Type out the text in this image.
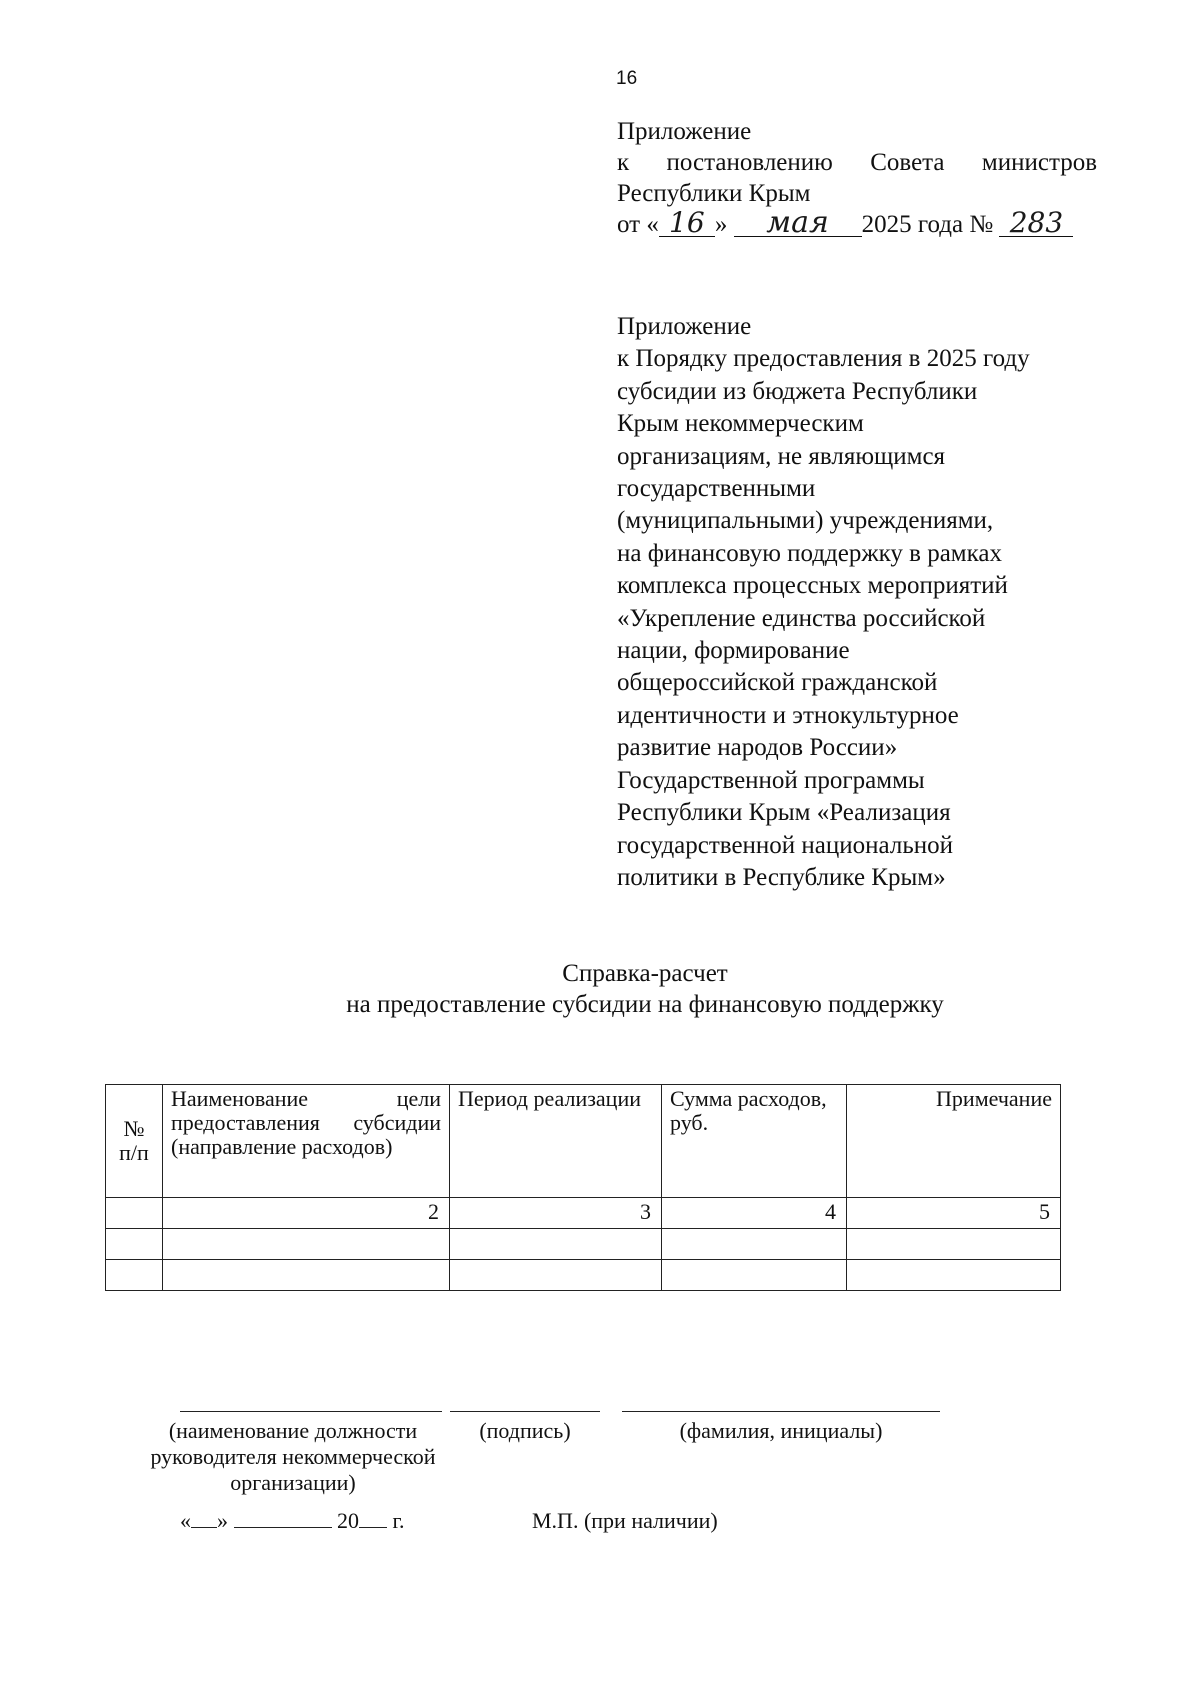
16
Приложение
к постановлению Совета министров
Республики Крым
от « 16 » мая 2025 года № 283
Приложение
к Порядку предоставления в 2025 году
субсидии из бюджета Республики
Крым некоммерческим
организациям, не являющимся
государственными
(муниципальными) учреждениями,
на финансовую поддержку в рамках
комплекса процессных мероприятий
«Укрепление единства российской
нации, формирование
общероссийской гражданской
идентичности и этнокультурное
развитие народов России»
Государственной программы
Республики Крым «Реализация
государственной национальной
политики в Республике Крым»
Справка-расчет
на предоставление субсидии на финансовую поддержку
№ п/п	Наименование цели предоставления субсидии (направление расходов)	Период реализации	Сумма расходов, руб.	Примечание
	2	3	4	5

(наименование должности руководителя некоммерческой организации)
(подпись)	(фамилия, инициалы)
« »	20 г.	М.П. (при наличии)
